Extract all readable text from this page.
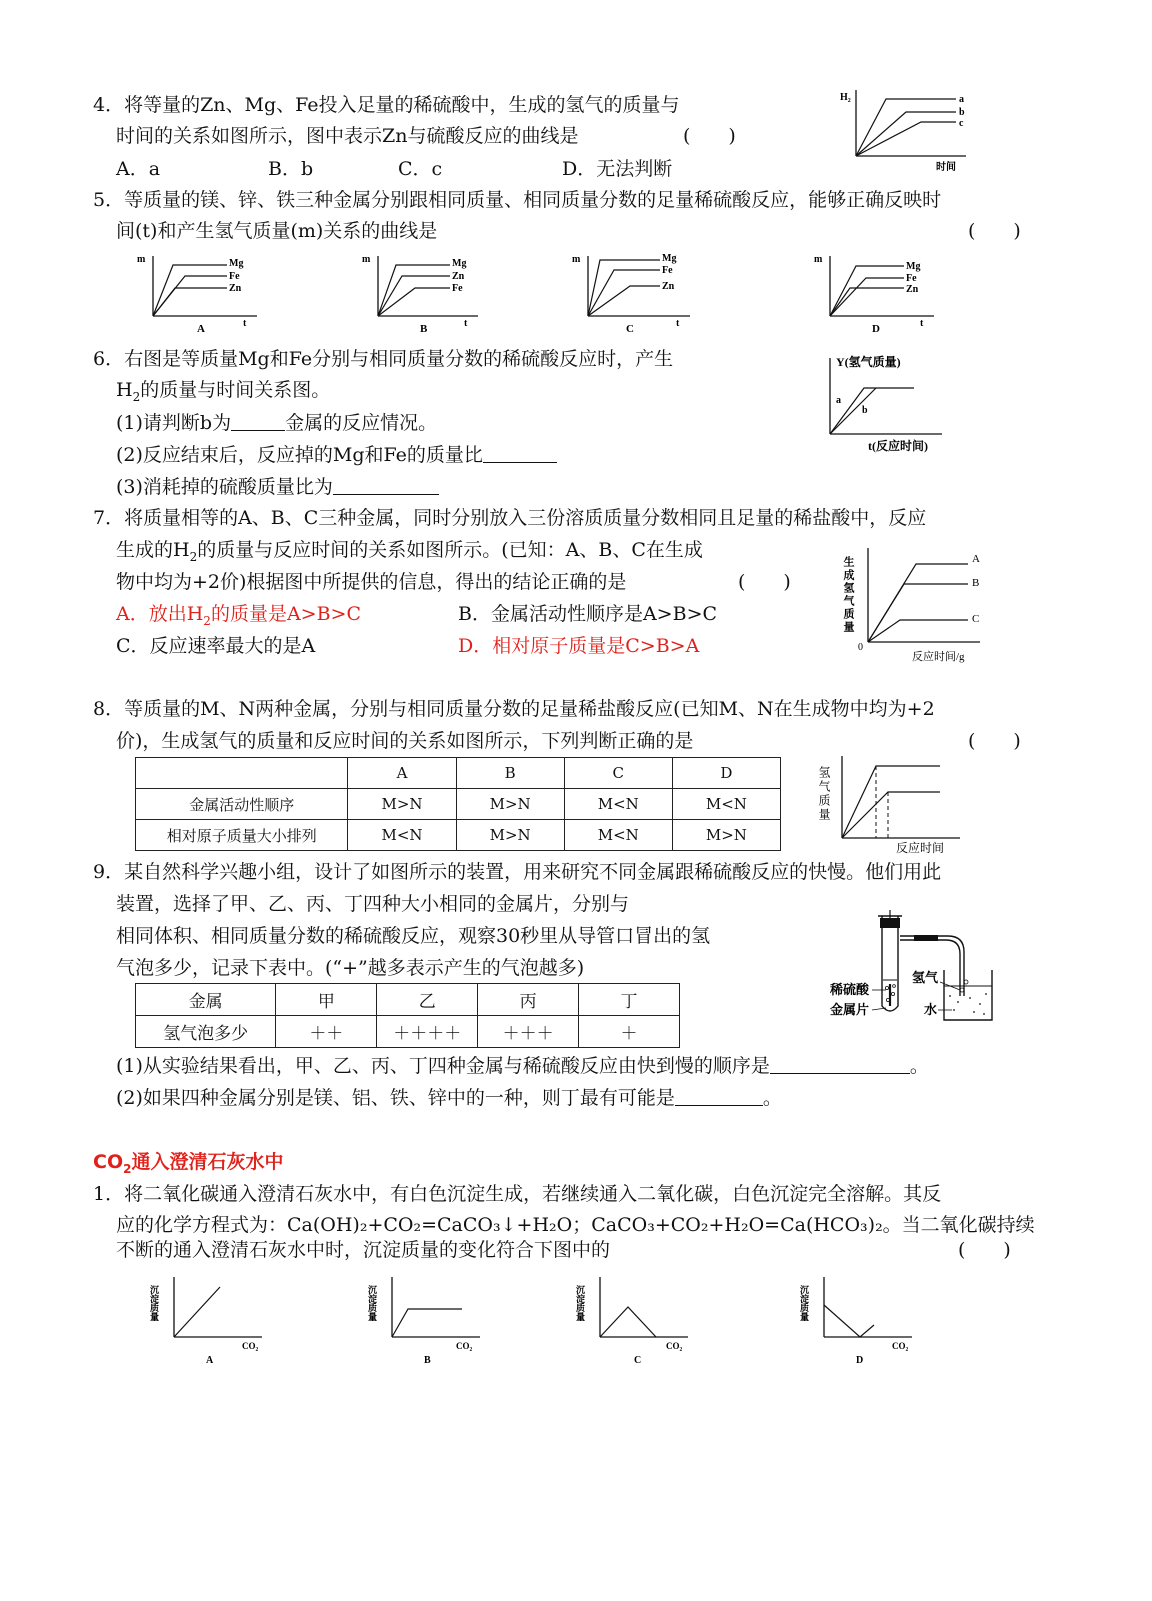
4．将等量的Zn、Mg、Fe投入足量的稀硫酸中，生成的氢气的质量与
时间的关系如图所示，图中表示Zn与硫酸反应的曲线是	(　　)
A．a	B．b	C．c	D．无法判断
H₂	a
b
c
时间
5．等质量的镁、锌、铁三种金属分别跟相同质量、相同质量分数的足量稀硫酸反应，能够正确反映时
间(t)和产生氢气质量(m)关系的曲线是	(　　)
m	Mg
Fe
Zn
t
A
m	Mg
Zn
Fe
t
B
m	Mg
Fe
Zn
t
C
m
Mg
Fe
Zn
t
D
6．右图是等质量Mg和Fe分别与相同质量分数的稀硫酸反应时，产生
$H_2$的质量与时间关系图。
(1)请判断b为	金属的反应情况。
(2)反应结束后，反应掉的Mg和Fe的质量比
(3)消耗掉的硫酸质量比为
Y(氢气质量)
a
b
t(反应时间)
7．将质量相等的A、B、C三种金属，同时分别放入三份溶质质量分数相同且足量的稀盐酸中，反应
生成的$H_2$的质量与反应时间的关系如图所示。(已知：A、B、C在生成
物中均为+2价)根据图中所提供的信息，得出的结论正确的是	(　　)
A．放出$H_2$的质量是A>B>C	B．金属活动性顺序是A>B>C
C．反应速率最大的是A	D．相对原子质量是C>B>A
生成氢气质量	A
B
C
0
反应时间/g
8．等质量的M、N两种金属，分别与相同质量分数的足量稀盐酸反应(已知M、N在生成物中均为+2
价)，生成氢气的质量和反应时间的关系如图所示，下列判断正确的是	(　　)
	A	B	C	D
金属活动性顺序	M>N	M>N	M<N	M<N
相对原子质量大小排列	M<N	M>N	M<N	M>N
氢气质量
反应时间
9．某自然科学兴趣小组，设计了如图所示的装置，用来研究不同金属跟稀硫酸反应的快慢。他们用此
装置，选择了甲、乙、丙、丁四种大小相同的金属片，分别与
相同体积、相同质量分数的稀硫酸反应，观察30秒里从导管口冒出的氢
气泡多少，记录下表中。(“+”越多表示产生的气泡越多)
金属	甲	乙	丙	丁
氢气泡多少	＋＋	＋＋＋＋	＋＋＋	＋
稀硫酸
金属片
氢气
水
(1)从实验结果看出，甲、乙、丙、丁四种金属与稀硫酸反应由快到慢的顺序是	。
(2)如果四种金属分别是镁、铝、铁、锌中的一种，则丁最有可能是	。
$CO_2$通入澄清石灰水中
1．将二氧化碳通入澄清石灰水中，有白色沉淀生成，若继续通入二氧化碳，白色沉淀完全溶解。其反
应的化学方程式为：Ca(OH)₂+CO₂=CaCO₃↓+H₂O；CaCO₃+CO₂+H₂O=Ca(HCO₃)₂。当二氧化碳持续
不断的通入澄清石灰水中时，沉淀质量的变化符合下图中的	(　　)
沉淀质量
CO₂
A
沉淀质量
CO₂
B
沉淀质量
CO₂
C
沉淀质量
CO₂
D
